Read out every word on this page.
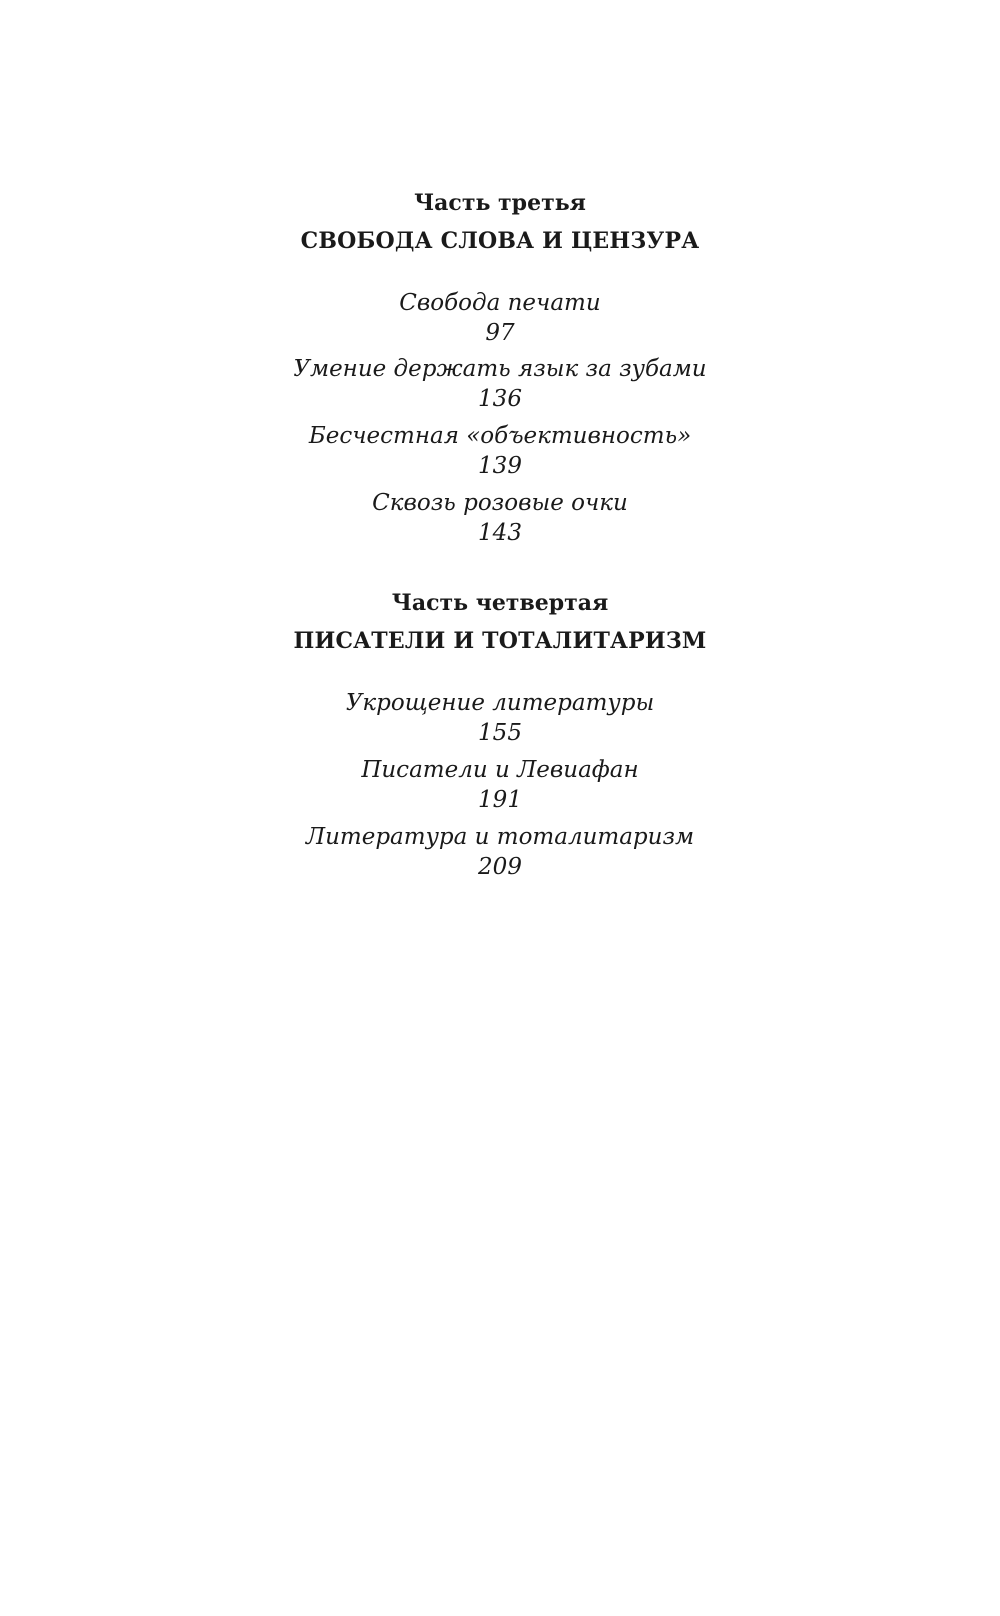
Часть третья
СВОБОДА СЛОВА И ЦЕНЗУРА
Свобода печати
97
Умение держать язык за зубами
136
Бесчестная «объективность»
139
Сквозь розовые очки
143
Часть четвертая
ПИСАТЕЛИ И ТОТАЛИТАРИЗМ
Укрощение литературы
155
Писатели и Левиафан
191
Литература и тоталитаризм
209
